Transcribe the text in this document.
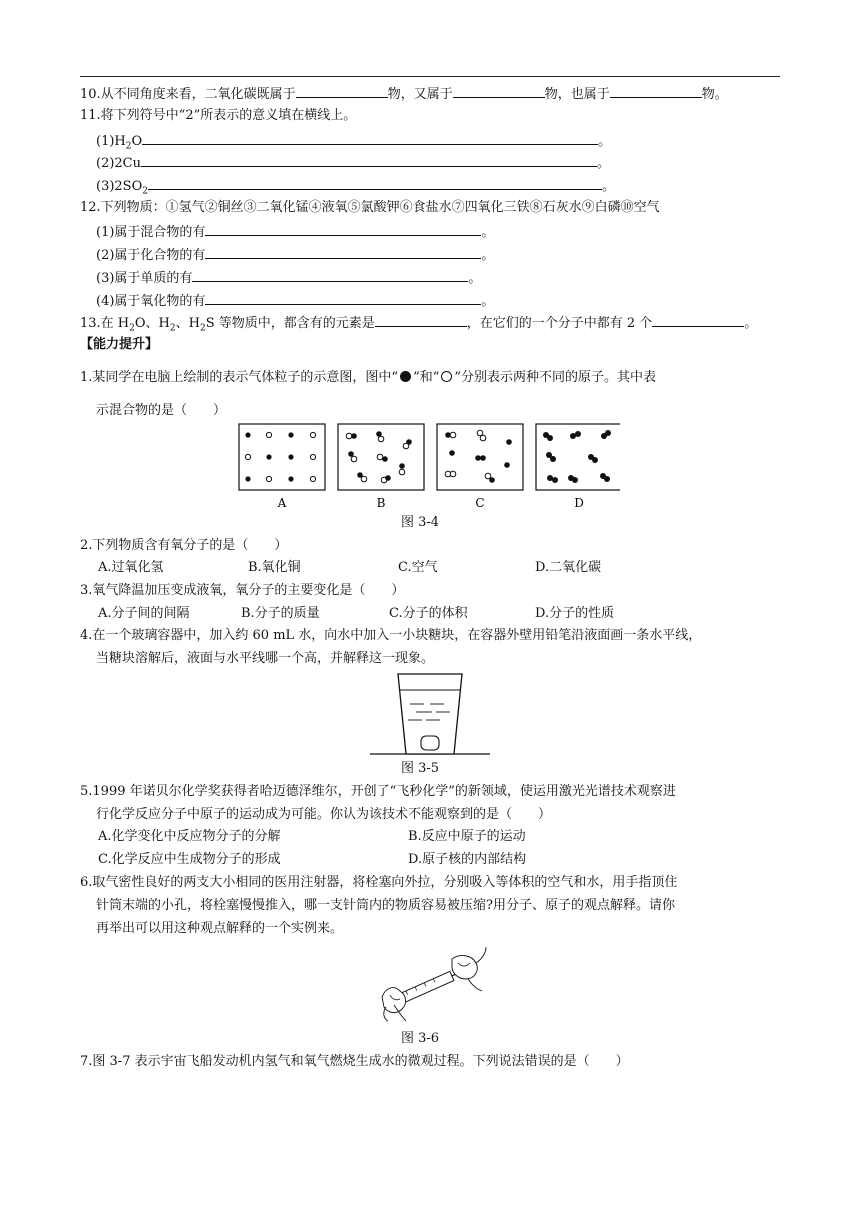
10.从不同角度来看，二氧化碳既属于	物，又属于	物，也属于	物。
11.将下列符号中“2”所表示的意义填在横线上。
$(1)H_2O$	。
(2)2Cu	。
$(3)2SO_2$	。
12.下列物质：①氢气②铜丝③二氧化锰④液氧⑤氯酸钾⑥食盐水⑦四氧化三铁⑧石灰水⑨白磷⑩空气
(1)属于混合物的有	。
(2)属于化合物的有	。
(3)属于单质的有	。
(4)属于氧化物的有	。
13.在 $H_2O$、$H_2$、$H_2S$ 等物质中，都含有的元素是	，在它们的一个分子中都有 2 个	。
【能力提升】
1.某同学在电脑上绘制的表示气体粒子的示意图，图中“ ”和“ ”分别表示两种不同的原子。其中表
示混合物的是（　　）
A	B	C	D
图 3-4
2.下列物质含有氧分子的是（　　）
A.过氧化氢	B.氧化铜	C.空气	D.二氧化碳
3.氧气降温加压变成液氧，氧分子的主要变化是（　　）
A.分子间的间隔	B.分子的质量	C.分子的体积	D.分子的性质
4.在一个玻璃容器中，加入约 60 mL 水，向水中加入一小块糖块，在容器外壁用铅笔沿液面画一条水平线，
当糖块溶解后，液面与水平线哪一个高，并解释这一现象。
图 3-5
5.1999 年诺贝尔化学奖获得者哈迈德泽维尔，开创了“飞秒化学”的新领域，使运用激光光谱技术观察进
行化学反应分子中原子的运动成为可能。你认为该技术不能观察到的是（　　）
A.化学变化中反应物分子的分解	B.反应中原子的运动
C.化学反应中生成物分子的形成	D.原子核的内部结构
6.取气密性良好的两支大小相同的医用注射器，将栓塞向外拉，分别吸入等体积的空气和水，用手指顶住
针筒末端的小孔，将栓塞慢慢推入，哪一支针筒内的物质容易被压缩?用分子、原子的观点解释。请你
再举出可以用这种观点解释的一个实例来。
图 3-6
7.图 3-7 表示宇宙飞船发动机内氢气和氧气燃烧生成水的微观过程。下列说法错误的是（　　）
